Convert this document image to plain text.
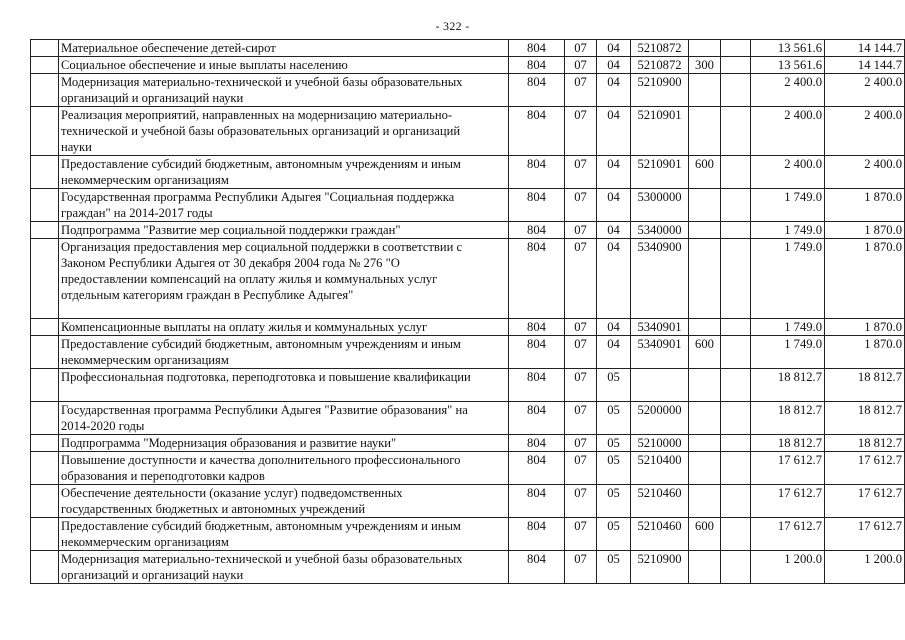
- 322 -

	Материальное обеспечение детей-сирот	804	07	04	5210872			13 561.6	14 144.7

	Социальное обеспечение и иные выплаты населению	804	07	04	5210872	300		13 561.6	14 144.7

	Модернизация материально-технической и учебной базы образовательных
организаций и организаций науки	804	07	04	5210900			2 400.0	2 400.0

	Реализация мероприятий, направленных на модернизацию материально-
технической и учебной базы образовательных организаций и организаций
науки	804	07	04	5210901			2 400.0	2 400.0

	Предоставление субсидий бюджетным, автономным учреждениям и иным
некоммерческим организациям	804	07	04	5210901	600		2 400.0	2 400.0

	Государственная программа Республики Адыгея "Социальная поддержка
граждан" на 2014-2017 годы	804	07	04	5300000			1 749.0	1 870.0

	Подпрограмма "Развитие мер социальной поддержки граждан"	804	07	04	5340000			1 749.0	1 870.0

	Организация предоставления мер социальной поддержки в соответствии с
Законом Республики Адыгея от 30 декабря 2004 года № 276 "О
предоставлении компенсаций на оплату жилья и коммунальных услуг
отдельным категориям граждан в Республике Адыгея"	804	07	04	5340900			1 749.0	1 870.0

	Компенсационные выплаты на оплату жилья и коммунальных услуг	804	07	04	5340901			1 749.0	1 870.0

	Предоставление субсидий бюджетным, автономным учреждениям и иным
некоммерческим организациям	804	07	04	5340901	600		1 749.0	1 870.0

	Профессиональная подготовка, переподготовка и повышение квалификации	804	07	05				18 812.7	18 812.7

	Государственная программа Республики Адыгея "Развитие образования" на
2014-2020 годы	804	07	05	5200000			18 812.7	18 812.7

	Подпрограмма "Модернизация образования и развитие науки"	804	07	05	5210000			18 812.7	18 812.7

	Повышение доступности и качества дополнительного профессионального
образования и переподготовки кадров	804	07	05	5210400			17 612.7	17 612.7

	Обеспечение деятельности (оказание услуг) подведомственных
государственных бюджетных и автономных учреждений	804	07	05	5210460			17 612.7	17 612.7

	Предоставление субсидий бюджетным, автономным учреждениям и иным
некоммерческим организациям	804	07	05	5210460	600		17 612.7	17 612.7

	Модернизация материально-технической и учебной базы образовательных
организаций и организаций науки	804	07	05	5210900			1 200.0	1 200.0
